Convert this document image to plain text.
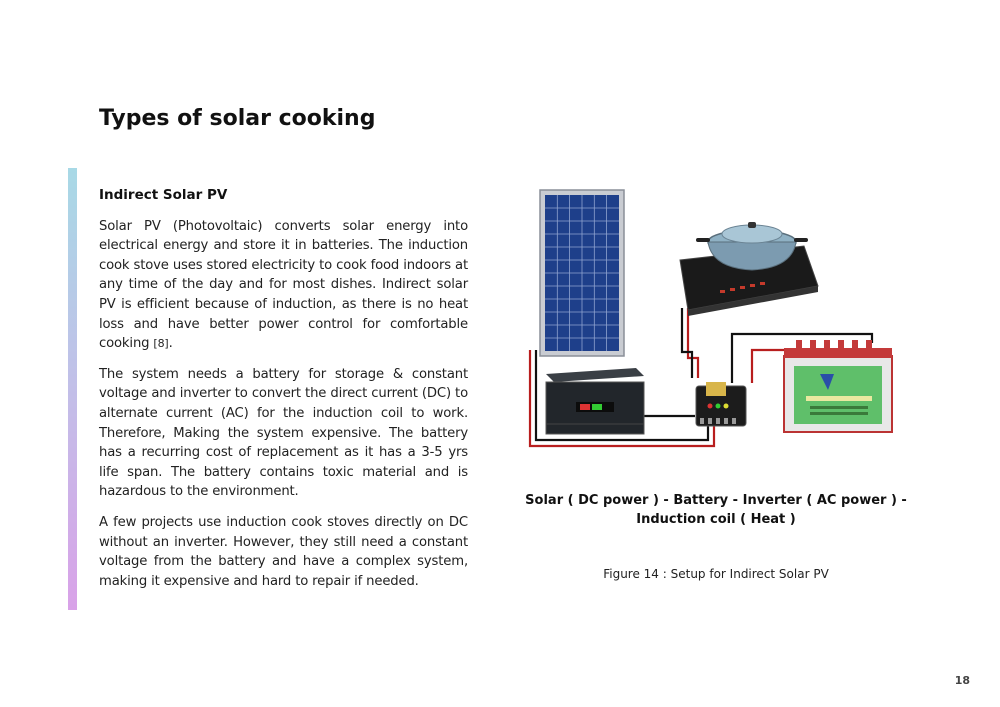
Types of solar cooking

Indirect Solar PV

Solar PV (Photovoltaic) converts solar energy into electrical energy and store it in batteries. The induction cook stove uses stored electricity to cook food indoors at any time of the day and for most dishes. Indirect solar PV is efficient because of induction, as there is no heat loss and have better power control for comfortable cooking [8].

The system needs a battery for storage & constant voltage and inverter to convert the direct current (DC) to alternate current (AC) for the induction coil to work. Therefore, Making the system expensive. The battery has a recurring cost of replacement as it has a 3-5 yrs life span. The battery contains toxic material and is hazardous to the environment.

A few projects use induction cook stoves directly on DC without an inverter. However, they still need a constant voltage from the battery and have a complex system, making it expensive and hard to repair if needed.

Solar ( DC power ) - Battery - Inverter ( AC power ) - Induction coil ( Heat )
Figure 14 : Setup for Indirect Solar PV
18
